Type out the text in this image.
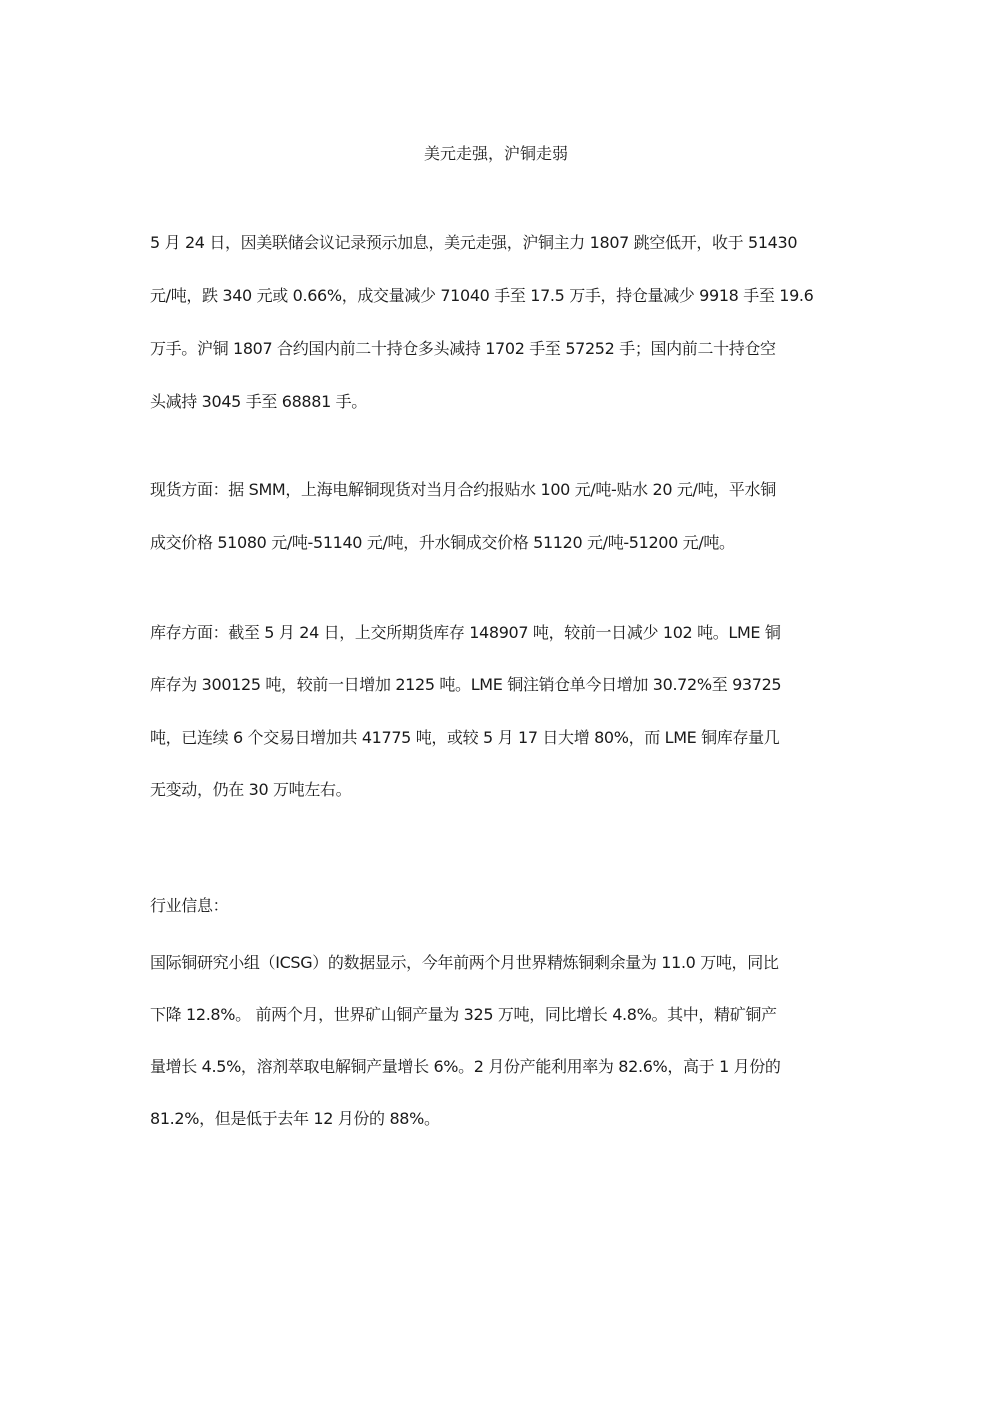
美元走强，沪铜走弱
5 月 24 日，因美联储会议记录预示加息，美元走强，沪铜主力 1807 跳空低开，收于 51430
元/吨，跌 340 元或 0.66%，成交量减少 71040 手至 17.5 万手，持仓量减少 9918 手至 19.6
万手。沪铜 1807 合约国内前二十持仓多头减持 1702 手至 57252 手；国内前二十持仓空
头减持 3045 手至 68881 手。
现货方面：据 SMM，上海电解铜现货对当月合约报贴水 100 元/吨-贴水 20 元/吨，平水铜
成交价格 51080 元/吨-51140 元/吨，升水铜成交价格 51120 元/吨-51200 元/吨。
库存方面：截至 5 月 24 日，上交所期货库存 148907 吨，较前一日减少 102 吨。LME 铜
库存为 300125 吨，较前一日增加 2125 吨。LME 铜注销仓单今日增加 30.72%至 93725
吨，已连续 6 个交易日增加共 41775 吨，或较 5 月 17 日大增 80%，而 LME 铜库存量几
无变动，仍在 30 万吨左右。
行业信息：
国际铜研究小组（ICSG）的数据显示，今年前两个月世界精炼铜剩余量为 11.0 万吨，同比
下降 12.8%。 前两个月，世界矿山铜产量为 325 万吨，同比增长 4.8%。其中，精矿铜产
量增长 4.5%，溶剂萃取电解铜产量增长 6%。2 月份产能利用率为 82.6%，高于 1 月份的
81.2%，但是低于去年 12 月份的 88%。
